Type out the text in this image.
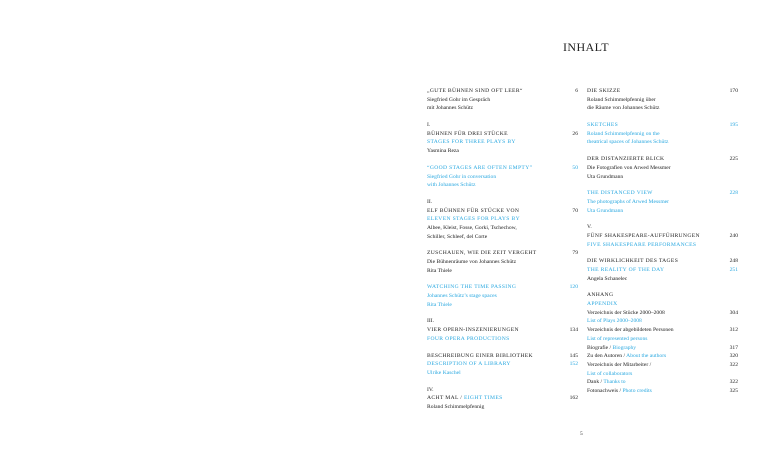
INHALT
„GUTE BÜHNEN SIND OFT LEER“	6
Siegfried Gohr im Gespräch
mit Johannes Schütz
I.
BÜHNEN FÜR DREI STÜCKE	26
STAGES FOR THREE PLAYS BY
Yasmina Reza
“GOOD STAGES ARE OFTEN EMPTY”	50
Siegfried Gohr in conversation
with Johannes Schütz
II.
ELF BÜHNEN FÜR STÜCKE VON	70
ELEVEN STAGES FOR PLAYS BY
Albee, Kleist, Fosse, Gorki, Tschechow,
Schiller, Schleef, del Corte
ZUSCHAUEN, WIE DIE ZEIT VERGEHT	79
Die Bühnenräume von Johannes Schütz
Rita Thiele
WATCHING THE TIME PASSING	120
Johannes Schütz’s stage spaces
Rita Thiele
III.
VIER OPERN-INSZENIERUNGEN	134
FOUR OPERA PRODUCTIONS
BESCHREIBUNG EINER BIBLIOTHEK	145
DESCRIPTION OF A LIBRARY	152
Ulrike Kaschel
IV.
ACHT MAL / EIGHT TIMES	162
Roland Schimmelpfennig
DIE SKIZZE	170
Roland Schimmelpfennig über
die Räume von Johannes Schütz
SKETCHES	195
Roland Schimmelpfennig on the
theatrical spaces of Johannes Schütz
DER DISTANZIERTE BLICK	225
Die Fotografien von Arwed Messmer
Uta Grundmann
THE DISTANCED VIEW	228
The photographs of Arwed Messmer
Uta Grundmann
V.
FÜNF SHAKESPEARE-AUFFÜHRUNGEN	240
FIVE SHAKESPEARE PERFORMANCES
DIE WIRKLICHKEIT DES TAGES	248
THE REALITY OF THE DAY	251
Angela Schanelec
ANHANG
APPENDIX
Verzeichnis der Stücke 2000–2008	304
List of Plays 2000–2008
Verzeichnis der abgebildeten Personen	312
List of represented persons
Biografie / Biography	317
Zu den Autoren / About the authors	320
Verzeichnis der Mitarbeiter /	322
List of collaborators
Dank / Thanks to	322
Fotonachweis / Photo credits	325
5
